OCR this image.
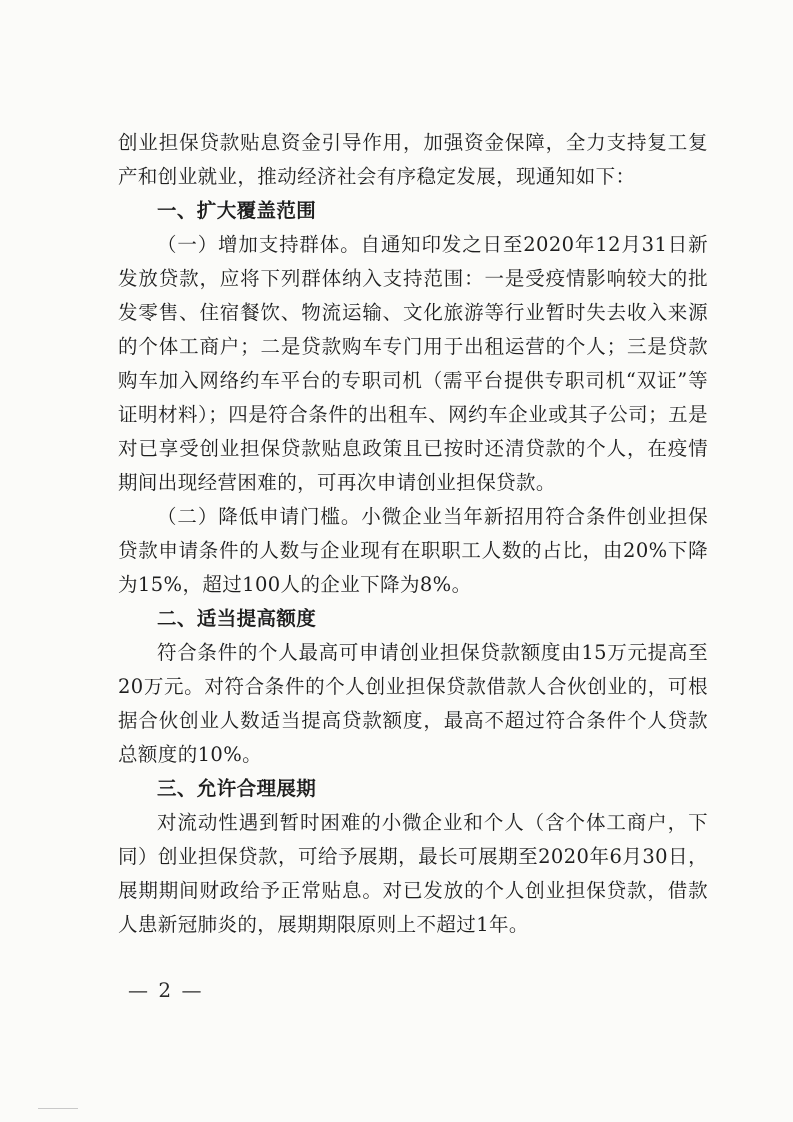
创业担保贷款贴息资金引导作用，加强资金保障，全力支持复工复产和创业就业，推动经济社会有序稳定发展，现通知如下：

一、扩大覆盖范围

（一）增加支持群体。自通知印发之日至2020年12月31日新发放贷款，应将下列群体纳入支持范围：一是受疫情影响较大的批发零售、住宿餐饮、物流运输、文化旅游等行业暂时失去收入来源的个体工商户；二是贷款购车专门用于出租运营的个人；三是贷款购车加入网络约车平台的专职司机（需平台提供专职司机“双证”等证明材料）；四是符合条件的出租车、网约车企业或其子公司；五是对已享受创业担保贷款贴息政策且已按时还清贷款的个人，在疫情期间出现经营困难的，可再次申请创业担保贷款。

（二）降低申请门槛。小微企业当年新招用符合条件创业担保贷款申请条件的人数与企业现有在职职工人数的占比，由20%下降为15%，超过100人的企业下降为8%。

二、适当提高额度

符合条件的个人最高可申请创业担保贷款额度由15万元提高至20万元。对符合条件的个人创业担保贷款借款人合伙创业的，可根据合伙创业人数适当提高贷款额度，最高不超过符合条件个人贷款总额度的10%。

三、允许合理展期

对流动性遇到暂时困难的小微企业和个人（含个体工商户，下同）创业担保贷款，可给予展期，最长可展期至2020年6月30日，展期期间财政给予正常贴息。对已发放的个人创业担保贷款，借款人患新冠肺炎的，展期期限原则上不超过1年。

— 2 —
